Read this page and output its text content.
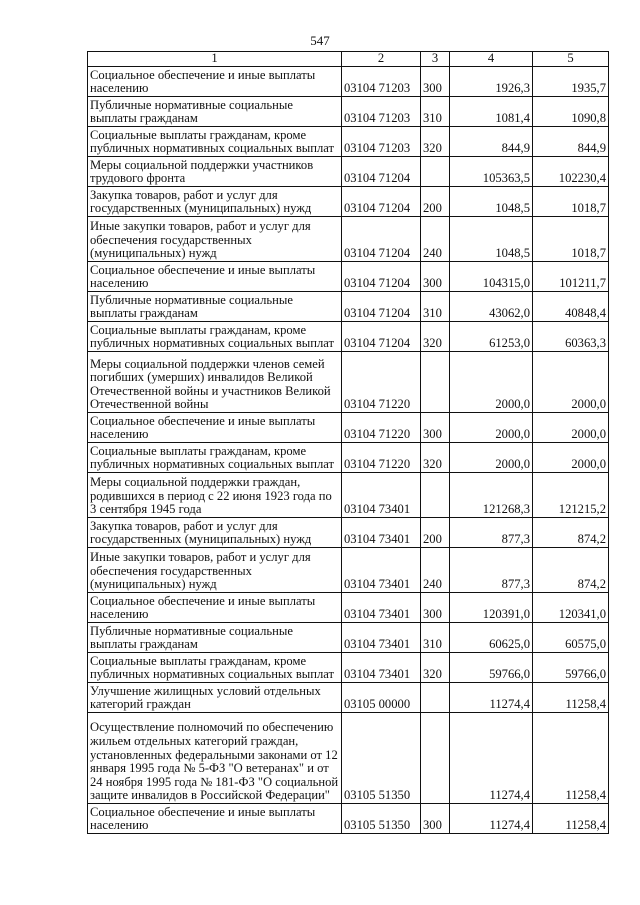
547
1	2	3	4	5
Социальное обеспечение и иные выплаты населению	03104 71203	300	1926,3	1935,7
Публичные нормативные социальные выплаты гражданам	03104 71203	310	1081,4	1090,8
Социальные выплаты гражданам, кроме публичных нормативных социальных выплат	03104 71203	320	844,9	844,9
Меры социальной поддержки участников трудового фронта	03104 71204		105363,5	102230,4
Закупка товаров, работ и услуг для государственных (муниципальных) нужд	03104 71204	200	1048,5	1018,7
Иные закупки товаров, работ и услуг для обеспечения государственных (муниципальных) нужд	03104 71204	240	1048,5	1018,7
Социальное обеспечение и иные выплаты населению	03104 71204	300	104315,0	101211,7
Публичные нормативные социальные выплаты гражданам	03104 71204	310	43062,0	40848,4
Социальные выплаты гражданам, кроме публичных нормативных социальных выплат	03104 71204	320	61253,0	60363,3
Меры социальной поддержки членов семей погибших (умерших) инвалидов Великой Отечественной войны и участников Великой Отечественной войны	03104 71220		2000,0	2000,0
Социальное обеспечение и иные выплаты населению	03104 71220	300	2000,0	2000,0
Социальные выплаты гражданам, кроме публичных нормативных социальных выплат	03104 71220	320	2000,0	2000,0
Меры социальной поддержки граждан, родившихся в период с 22 июня 1923 года по 3 сентября 1945 года	03104 73401		121268,3	121215,2
Закупка товаров, работ и услуг для государственных (муниципальных) нужд	03104 73401	200	877,3	874,2
Иные закупки товаров, работ и услуг для обеспечения государственных (муниципальных) нужд	03104 73401	240	877,3	874,2
Социальное обеспечение и иные выплаты населению	03104 73401	300	120391,0	120341,0
Публичные нормативные социальные выплаты гражданам	03104 73401	310	60625,0	60575,0
Социальные выплаты гражданам, кроме публичных нормативных социальных выплат	03104 73401	320	59766,0	59766,0
Улучшение жилищных условий отдельных категорий граждан	03105 00000		11274,4	11258,4
Осуществление полномочий по обеспечению жильем отдельных категорий граждан, установленных федеральными законами от 12 января 1995 года № 5-ФЗ "О ветеранах" и от 24 ноября 1995 года № 181-ФЗ "О социальной защите инвалидов в Российской Федерации"	03105 51350		11274,4	11258,4
Социальное обеспечение и иные выплаты населению	03105 51350	300	11274,4	11258,4
